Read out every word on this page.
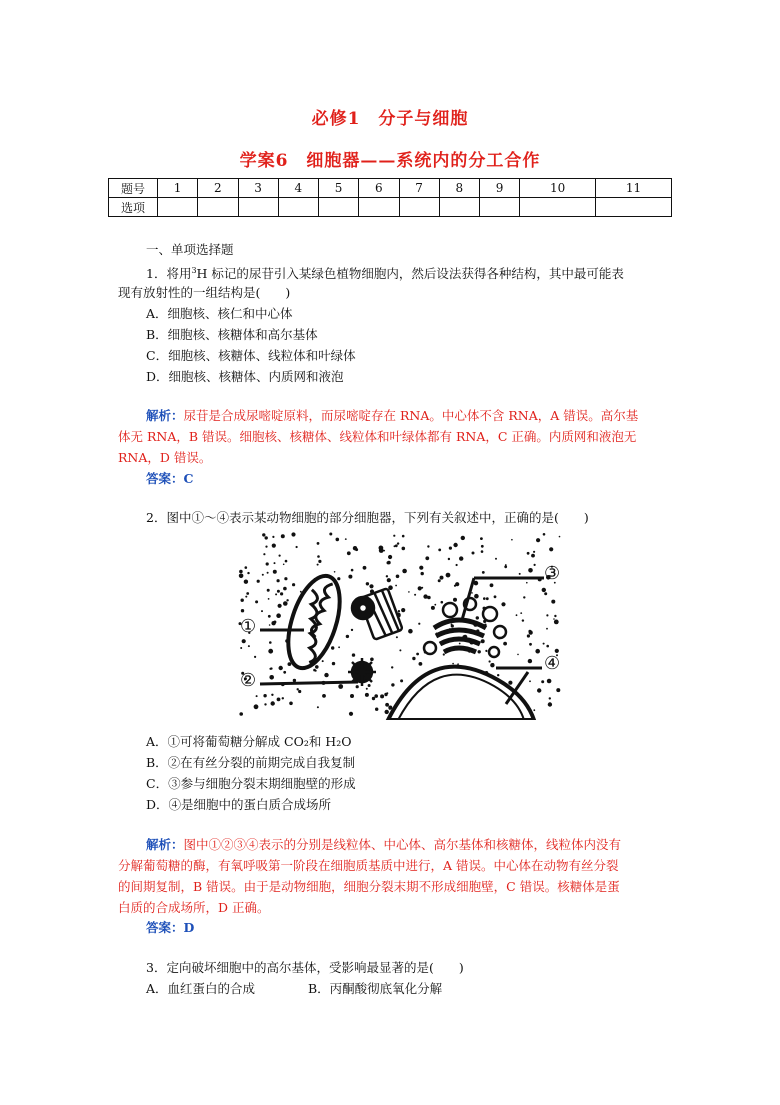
必修1　分子与细胞
学案6　细胞器——系统内的分工合作
题号	1	2	3	4	5	6	7	8	9	10	11
选项											
一、单项选择题
1．将用$^3$H 标记的尿苷引入某绿色植物细胞内，然后设法获得各种结构，其中最可能表
现有放射性的一组结构是(　　)
A．细胞核、核仁和中心体
B．细胞核、核糖体和高尔基体
C．细胞核、核糖体、线粒体和叶绿体
D．细胞核、核糖体、内质网和液泡
解析：尿苷是合成尿嘧啶原料，而尿嘧啶存在 RNA。中心体不含 RNA，A 错误。高尔基
体无 RNA，B 错误。细胞核、核糖体、线粒体和叶绿体都有 RNA，C 正确。内质网和液泡无
RNA，D 错误。
答案：C
2．图中①～④表示某动物细胞的部分细胞器，下列有关叙述中，正确的是(　　)
①
②
③
④
A．①可将葡萄糖分解成 CO₂和 H₂O
B．②在有丝分裂的前期完成自我复制
C．③参与细胞分裂末期细胞壁的形成
D．④是细胞中的蛋白质合成场所
解析：图中①②③④表示的分别是线粒体、中心体、高尔基体和核糖体，线粒体内没有
分解葡萄糖的酶，有氧呼吸第一阶段在细胞质基质中进行，A 错误。中心体在动物有丝分裂
的间期复制，B 错误。由于是动物细胞，细胞分裂末期不形成细胞壁，C 错误。核糖体是蛋
白质的合成场所，D 正确。
答案：D
3．定向破坏细胞中的高尔基体，受影响最显著的是(　　)
A．血红蛋白的合成	B．丙酮酸彻底氧化分解
